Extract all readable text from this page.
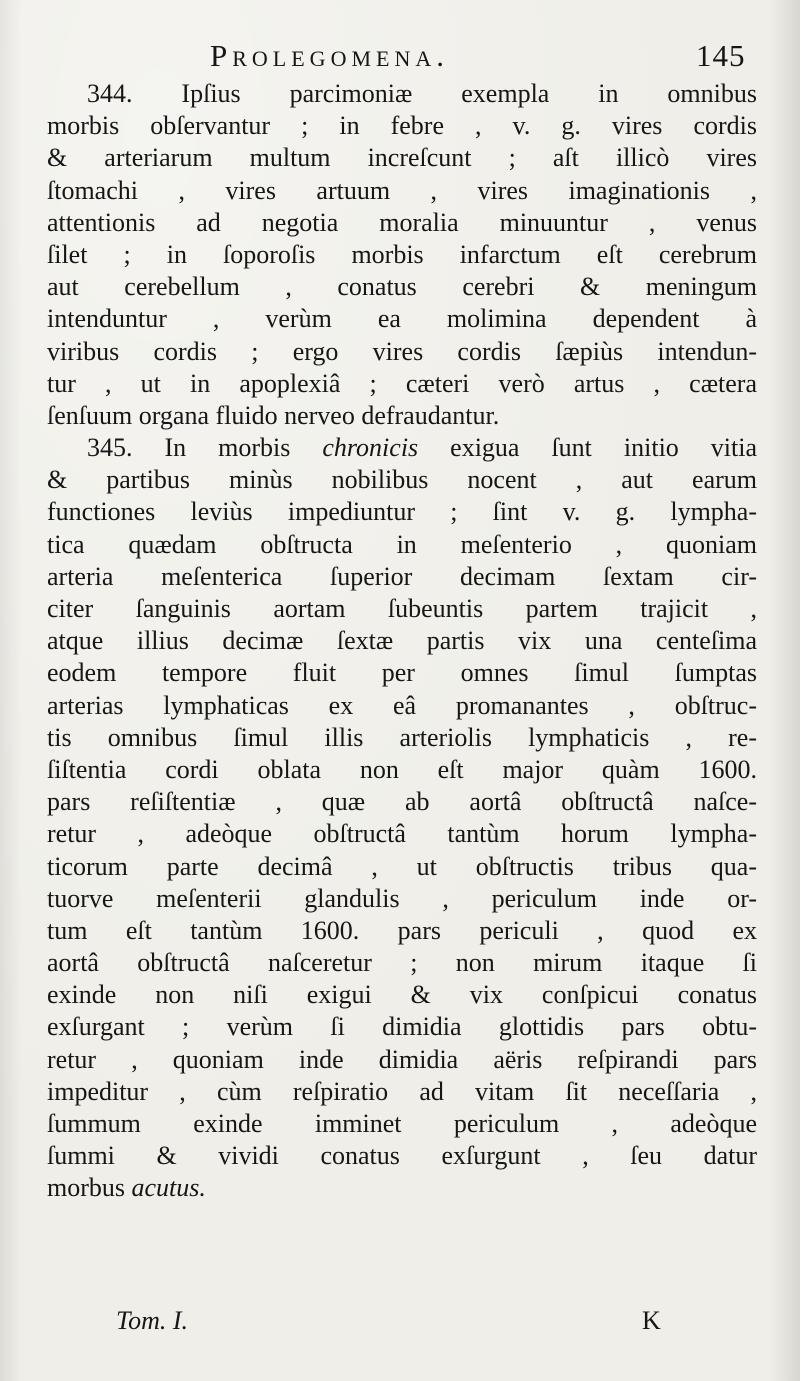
Prolegomena.	145
344. Ipſius parcimoniæ exempla in omnibus
morbis obſervantur ; in febre , v. g. vires cordis
& arteriarum multum increſcunt ; aſt illicò vires
ſtomachi , vires artuum , vires imaginationis ,
attentionis ad negotia moralia minuuntur , venus
ſilet ; in ſoporoſis morbis infarctum eſt cerebrum
aut cerebellum , conatus cerebri & meningum
intenduntur , verùm ea molimina dependent à
viribus cordis ; ergo vires cordis ſæpiùs intendun-
tur , ut in apoplexiâ ; cæteri verò artus , cætera
ſenſuum organa fluido nerveo defraudantur.
345. In morbis chronicis exigua ſunt initio vitia
& partibus minùs nobilibus nocent , aut earum
functiones leviùs impediuntur ; ſint v. g. lympha-
tica quædam obſtructa in meſenterio , quoniam
arteria meſenterica ſuperior decimam ſextam cir-
citer ſanguinis aortam ſubeuntis partem trajicit ,
atque illius decimæ ſextæ partis vix una centeſima
eodem tempore fluit per omnes ſimul ſumptas
arterias lymphaticas ex eâ promanantes , obſtruc-
tis omnibus ſimul illis arteriolis lymphaticis , re-
ſiſtentia cordi oblata non eſt major quàm 1600.
pars reſiſtentiæ , quæ ab aortâ obſtructâ naſce-
retur , adeòque obſtructâ tantùm horum lympha-
ticorum parte decimâ , ut obſtructis tribus qua-
tuorve meſenterii glandulis , periculum inde or-
tum eſt tantùm 1600. pars periculi , quod ex
aortâ obſtructâ naſceretur ; non mirum itaque ſi
exinde non niſi exigui & vix conſpicui conatus
exſurgant ; verùm ſi dimidia glottidis pars obtu-
retur , quoniam inde dimidia aëris reſpirandi pars
impeditur , cùm reſpiratio ad vitam ſit neceſſaria ,
ſummum exinde imminet periculum , adeòque
ſummi & vividi conatus exſurgunt , ſeu datur
morbus acutus.
Tom. I.	K
